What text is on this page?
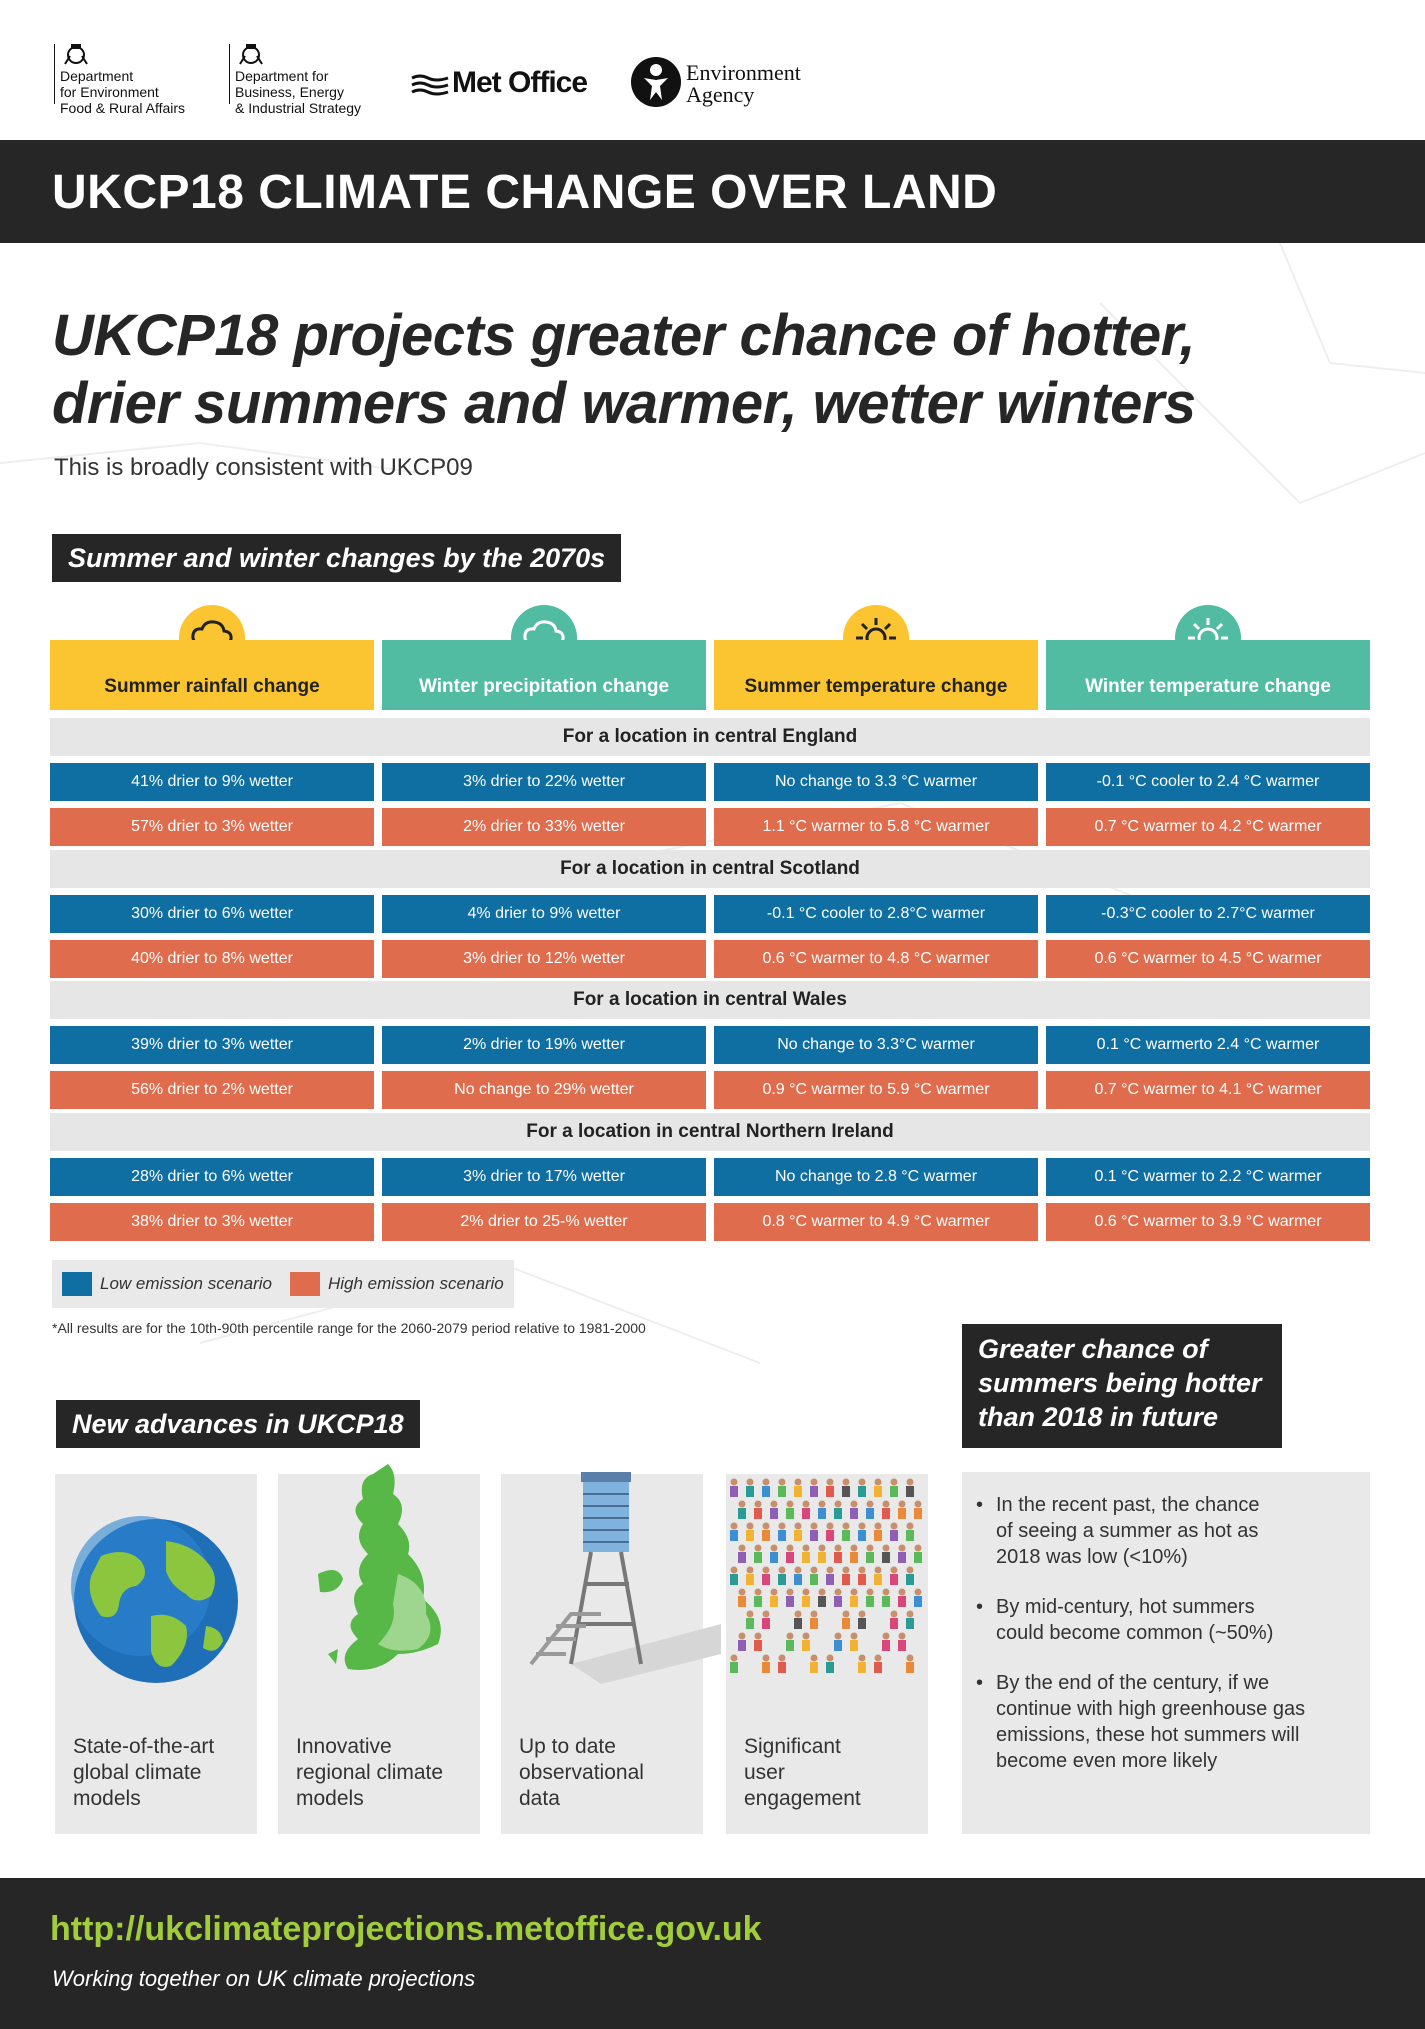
Department
for Environment
Food & Rural Affairs
Department for
Business, Energy
& Industrial Strategy
Met Office	Environment
Agency
UKCP18 CLIMATE CHANGE OVER LAND
UKCP18 projects greater chance of hotter,
drier summers and warmer, wetter winters
This is broadly consistent with UKCP09
Summer and winter changes by the 2070s
Summer rainfall change	Winter precipitation change	Summer temperature change	Winter temperature change
For a location in central England
41% drier to 9% wetter	3% drier to 22% wetter	No change to 3.3 °C warmer	-0.1 °C cooler to 2.4 °C warmer
57% drier to 3% wetter	2% drier to 33% wetter	1.1 °C warmer to 5.8 °C warmer	0.7 °C warmer to 4.2 °C warmer
For a location in central Scotland
30% drier to 6% wetter	4% drier to 9% wetter	-0.1 °C cooler to 2.8°C warmer	-0.3°C cooler to 2.7°C warmer
40% drier to 8% wetter	3% drier to 12% wetter	0.6 °C warmer to 4.8 °C warmer	0.6 °C warmer to 4.5 °C warmer
For a location in central Wales
39% drier to 3% wetter	2% drier to 19% wetter	No change to 3.3°C warmer	0.1 °C warmerto 2.4 °C warmer
56% drier to 2% wetter	No change to 29% wetter	0.9 °C warmer to 5.9 °C warmer	0.7 °C warmer to 4.1 °C warmer
For a location in central Northern Ireland
28% drier to 6% wetter	3% drier to 17% wetter	No change to 2.8 °C warmer	0.1 °C warmer to 2.2 °C warmer
38% drier to 3% wetter	2% drier to 25-% wetter	0.8 °C warmer to 4.9 °C warmer	0.6 °C warmer to 3.9 °C warmer
Low emission scenario	High emission scenario
*All results are for the 10th-90th percentile range for the 2060-2079 period relative to 1981-2000
New advances in UKCP18
State-of-the-art
global climate
models
Innovative
regional climate
models
Up to date
observational
data
Significant
user
engagement
Greater chance of
summers being hotter
than 2018 in future
• In the recent past, the chance
of seeing a summer as hot as
2018 was low (<10%)
• By mid-century, hot summers
could become common (~50%)
• By the end of the century, if we
continue with high greenhouse gas
emissions, these hot summers will
become even more likely
http://ukclimateprojections.metoffice.gov.uk
Working together on UK climate projections
